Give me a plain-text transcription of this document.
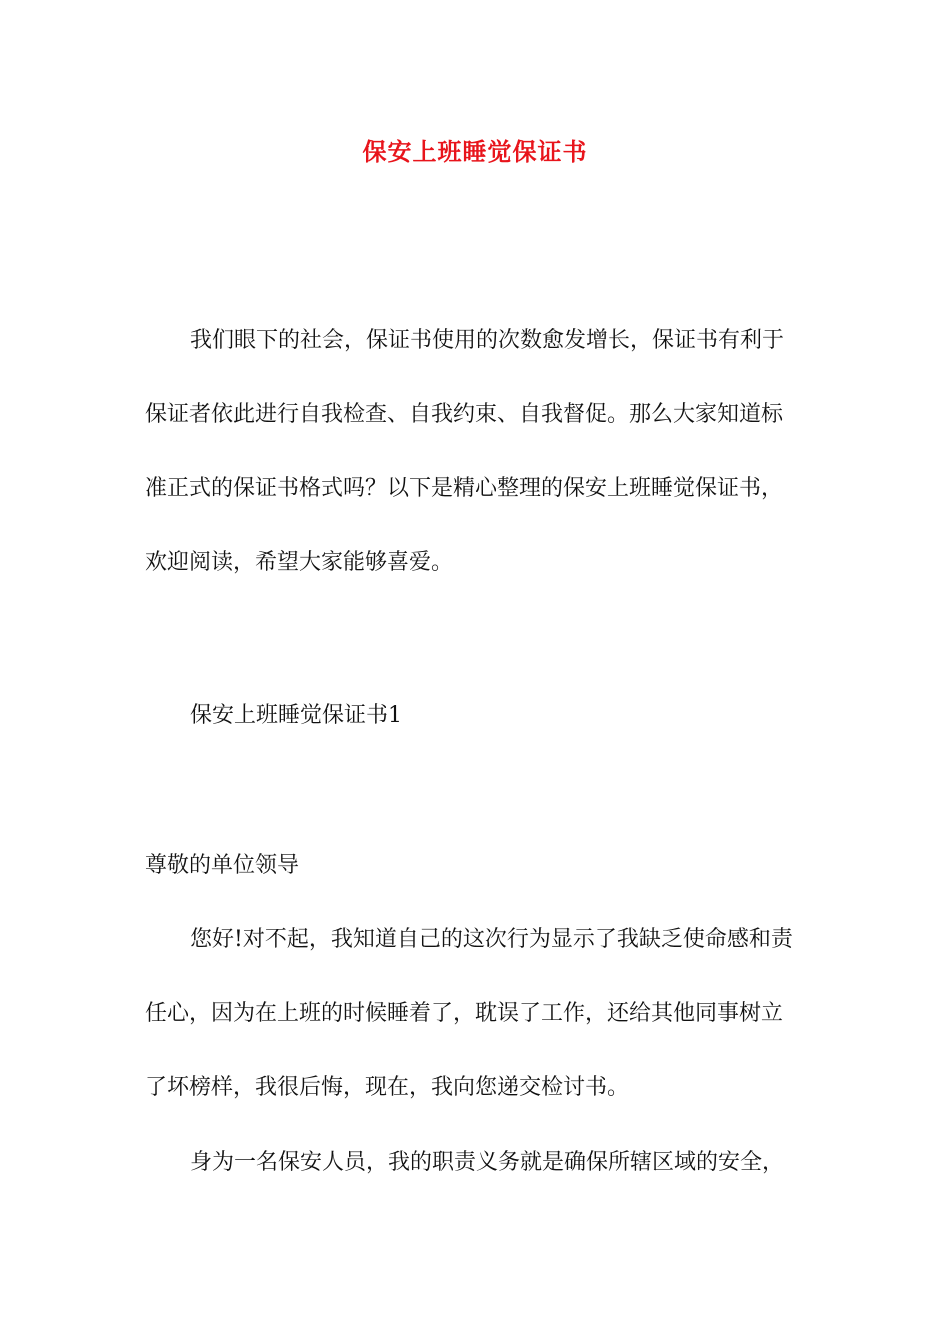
保安上班睡觉保证书
我们眼下的社会，保证书使用的次数愈发增长，保证书有利于
保证者依此进行自我检查、自我约束、自我督促。那么大家知道标
准正式的保证书格式吗？以下是精心整理的保安上班睡觉保证书，
欢迎阅读，希望大家能够喜爱。
保安上班睡觉保证书1
尊敬的单位领导
您好!对不起，我知道自己的这次行为显示了我缺乏使命感和责
任心，因为在上班的时候睡着了，耽误了工作，还给其他同事树立
了坏榜样，我很后悔，现在，我向您递交检讨书。
身为一名保安人员，我的职责义务就是确保所辖区域的安全，
